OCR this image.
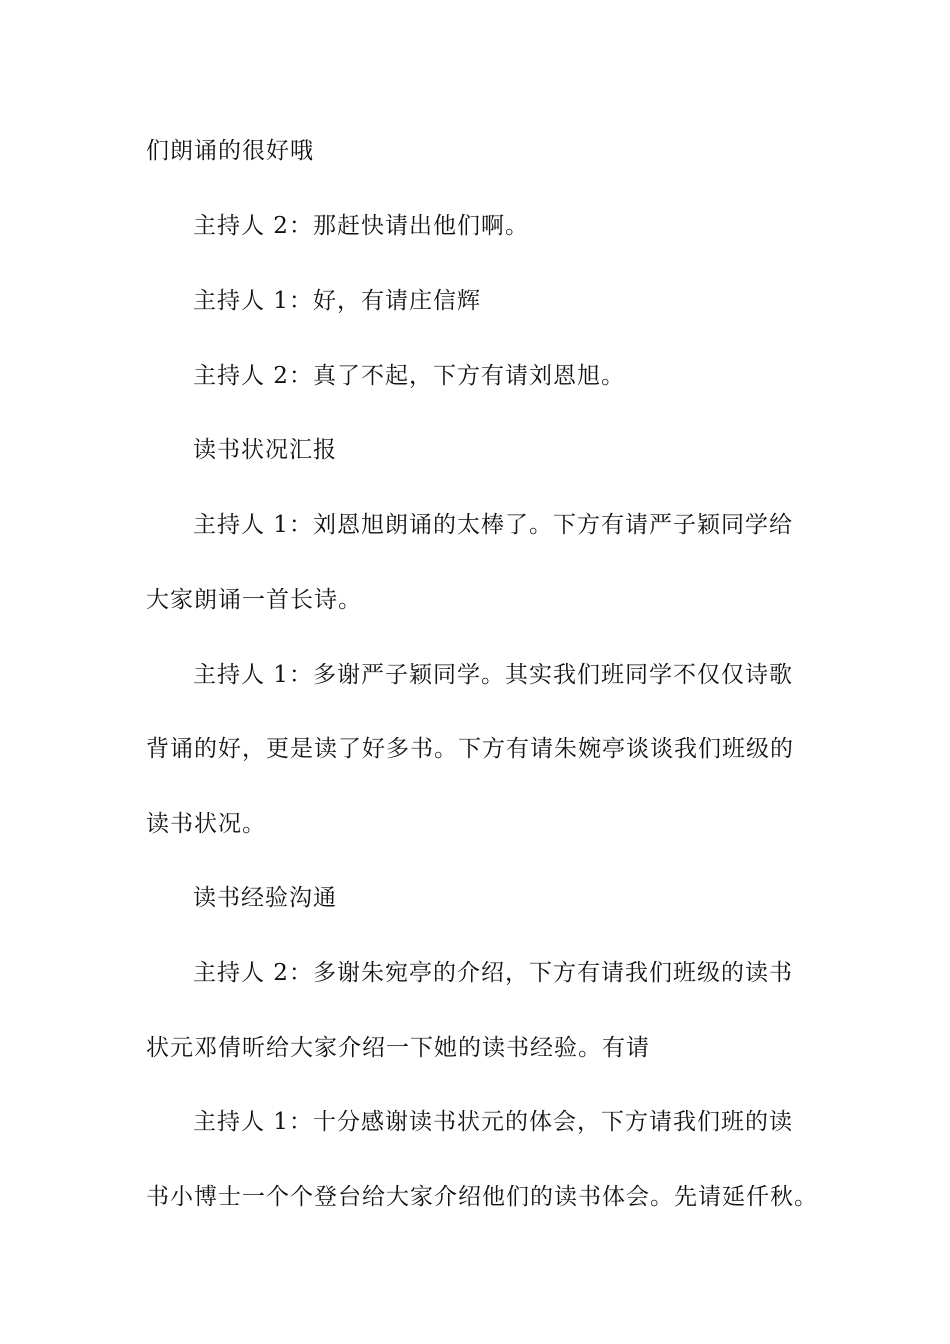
们朗诵的很好哦
主持人 2：那赶快请出他们啊。
主持人 1：好，有请庄信辉
主持人 2：真了不起，下方有请刘恩旭。
读书状况汇报
主持人 1：刘恩旭朗诵的太棒了。下方有请严子颖同学给
大家朗诵一首长诗。
主持人 1：多谢严子颖同学。其实我们班同学不仅仅诗歌
背诵的好，更是读了好多书。下方有请朱婉亭谈谈我们班级的
读书状况。
读书经验沟通
主持人 2：多谢朱宛亭的介绍，下方有请我们班级的读书
状元邓倩昕给大家介绍一下她的读书经验。有请
主持人 1：十分感谢读书状元的体会，下方请我们班的读
书小博士一个个登台给大家介绍他们的读书体会。先请延仟秋。
